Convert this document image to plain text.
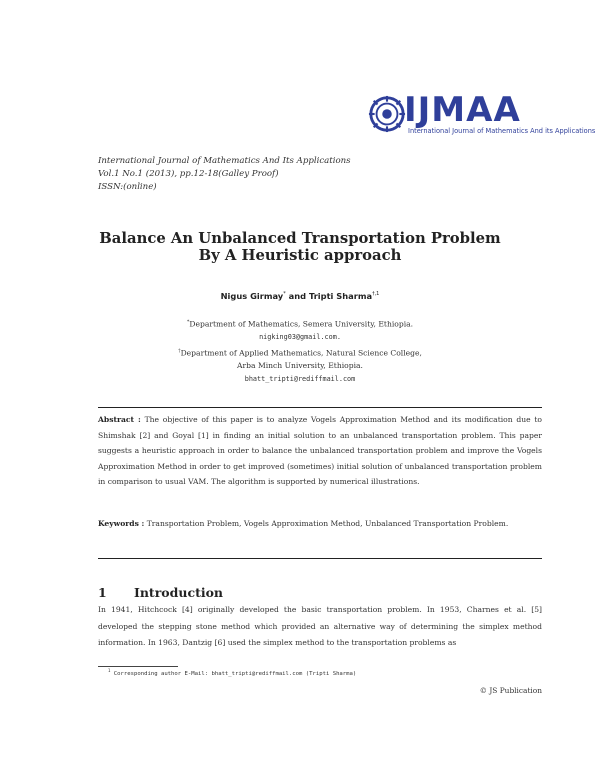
IJMAA
International Journal of Mathematics And its Applications
International Journal of Mathematics And Its Applications
Vol.1 No.1 (2013), pp.12-18(Galley Proof)
ISSN:(online)
Balance An Unbalanced Transportation Problem By A Heuristic approach
Nigus Girmay* and Tripti Sharma$^{\dagger,1}$
*Department of Mathematics, Semera University, Ethiopia.
nigking03@gmail.com.
†Department of Applied Mathematics, Natural Science College,
Arba Minch University, Ethiopia.
bhatt_tripti@rediffmail.com
Abstract : The objective of this paper is to analyze Vogels Approximation Method and its modification due to Shimshak [2] and Goyal [1] in finding an initial solution to an unbalanced transportation problem. This paper suggests a heuristic approach in order to balance the unbalanced transportation problem and improve the Vogels Approximation Method in order to get improved (sometimes) initial solution of unbalanced transportation problem in comparison to usual VAM. The algorithm is supported by numerical illustrations.
Keywords : Transportation Problem, Vogels Approximation Method, Unbalanced Transportation Problem.
1 Introduction
In 1941, Hitchcock [4] originally developed the basic transportation problem. In 1953, Charnes et al. [5] developed the stepping stone method which provided an alternative way of determining the simplex method information. In 1963, Dantzig [6] used the simplex method to the transportation problems as
$^1$ Corresponding author E-Mail: bhatt_tripti@rediffmail.com (Tripti Sharma)
© JS Publication
